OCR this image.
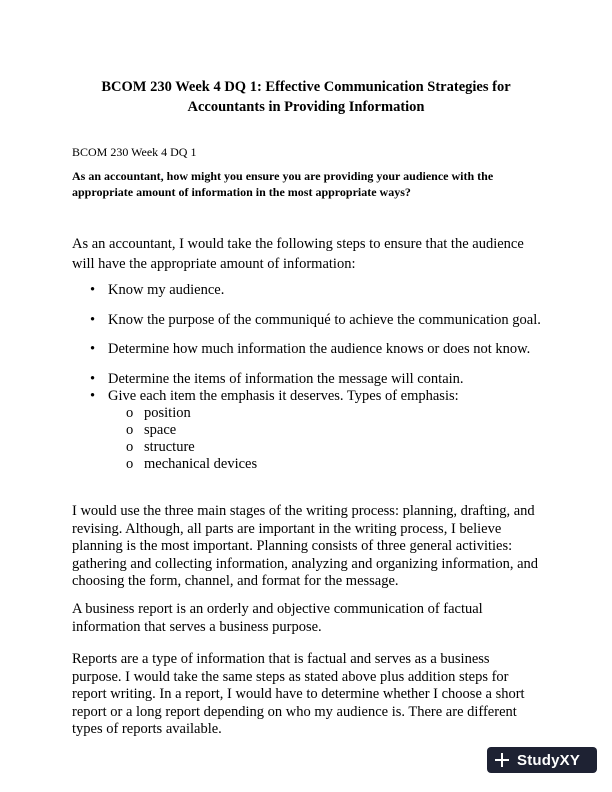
BCOM 230 Week 4 DQ 1: Effective Communication Strategies for
Accountants in Providing Information
BCOM 230 Week 4 DQ 1
As an accountant, how might you ensure you are providing your audience with the appropriate amount of information in the most appropriate ways?
As an accountant, I would take the following steps to ensure that the audience will have the appropriate amount of information:
• Know my audience.
• Know the purpose of the communiqué to achieve the communication goal.
• Determine how much information the audience knows or does not know.
• Determine the items of information the message will contain.
• Give each item the emphasis it deserves. Types of emphasis:
o position
o space
o structure
o mechanical devices
I would use the three main stages of the writing process: planning, drafting, and revising. Although, all parts are important in the writing process, I believe planning is the most important. Planning consists of three general activities: gathering and collecting information, analyzing and organizing information, and choosing the form, channel, and format for the message.
A business report is an orderly and objective communication of factual information that serves a business purpose.
Reports are a type of information that is factual and serves as a business purpose. I would take the same steps as stated above plus addition steps for report writing. In a report, I would have to determine whether I choose a short report or a long report depending on who my audience is. There are different types of reports available.
StudyXY
